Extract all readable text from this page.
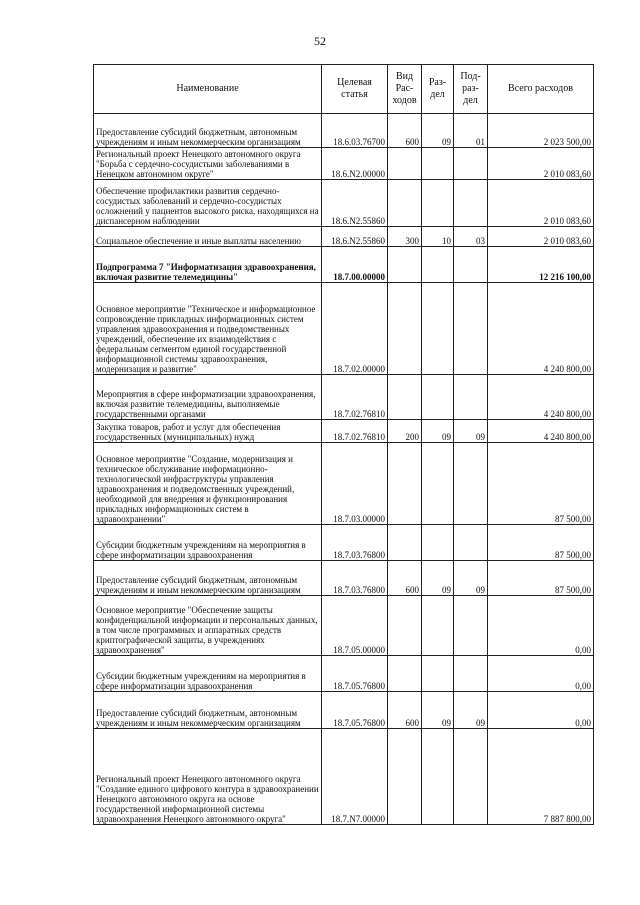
52
Наименование	Целевая статья	Вид Рас- ходов	Раз- дел	Под- раз- дел	Всего расходов
Предоставление субсидий бюджетным, автономным учреждениям и иным некоммерческим организациям	18.6.03.76700	600	09	01	2 023 500,00
Региональный проект Ненецкого автономного округа "Борьба с сердечно-сосудистыми заболеваниями в Ненецком автономном округе"	18.6.N2.00000				2 010 083,60
Обеспечение профилактики развития сердечно-сосудистых заболеваний и сердечно-сосудистых осложнений у пациентов высокого риска, находящихся на диспансерном наблюдении	18.6.N2.55860				2 010 083,60
Социальное обеспечение и иные выплаты населению	18.6.N2.55860	300	10	03	2 010 083,60
Подпрограмма 7 "Информатизация здравоохранения, включая развитие телемедицины"	18.7.00.00000				12 216 100,00
Основное мероприятие "Техническое и информационное сопровождение прикладных информационных систем управления здравоохранения и подведомственных учреждений, обеспечение их взаимодействия с федеральным сегментом единой государственной информационной системы здравоохранения, модернизация и развитие"	18.7.02.00000				4 240 800,00
Мероприятия в сфере информатизации здравоохранения, включая развитие телемедицины, выполняемые государственными органами	18.7.02.76810				4 240 800,00
Закупка товаров, работ и услуг для обеспечения государственных (муниципальных) нужд	18.7.02.76810	200	09	09	4 240 800,00
Основное мероприятие "Создание, модернизация и техническое обслуживание информационно-технологической инфраструктуры управления здравоохранения и подведомственных учреждений, необходимой для внедрения и функционирования прикладных информационных систем в здравоохранении"	18.7.03.00000				87 500,00
Субсидии бюджетным учреждениям на мероприятия в сфере информатизации здравоохранения	18.7.03.76800				87 500,00
Предоставление субсидий бюджетным, автономным учреждениям и иным некоммерческим организациям	18.7.03.76800	600	09	09	87 500,00
Основное мероприятие "Обеспечение защиты конфиденциальной информации и персональных данных, в том числе программных и аппаратных средств криптографической защиты, в учреждениях здравоохранения"	18.7.05.00000				0,00
Субсидии бюджетным учреждениям на мероприятия в сфере информатизации здравоохранения	18.7.05.76800				0,00
Предоставление субсидий бюджетным, автономным учреждениям и иным некоммерческим организациям	18.7.05.76800	600	09	09	0,00
Региональный проект Ненецкого автономного округа "Создание единого цифрового контура в здравоохранении Ненецкого автономного округа на основе государственной информационной системы здравоохранения Ненецкого автономного округа"	18.7.N7.00000				7 887 800,00
